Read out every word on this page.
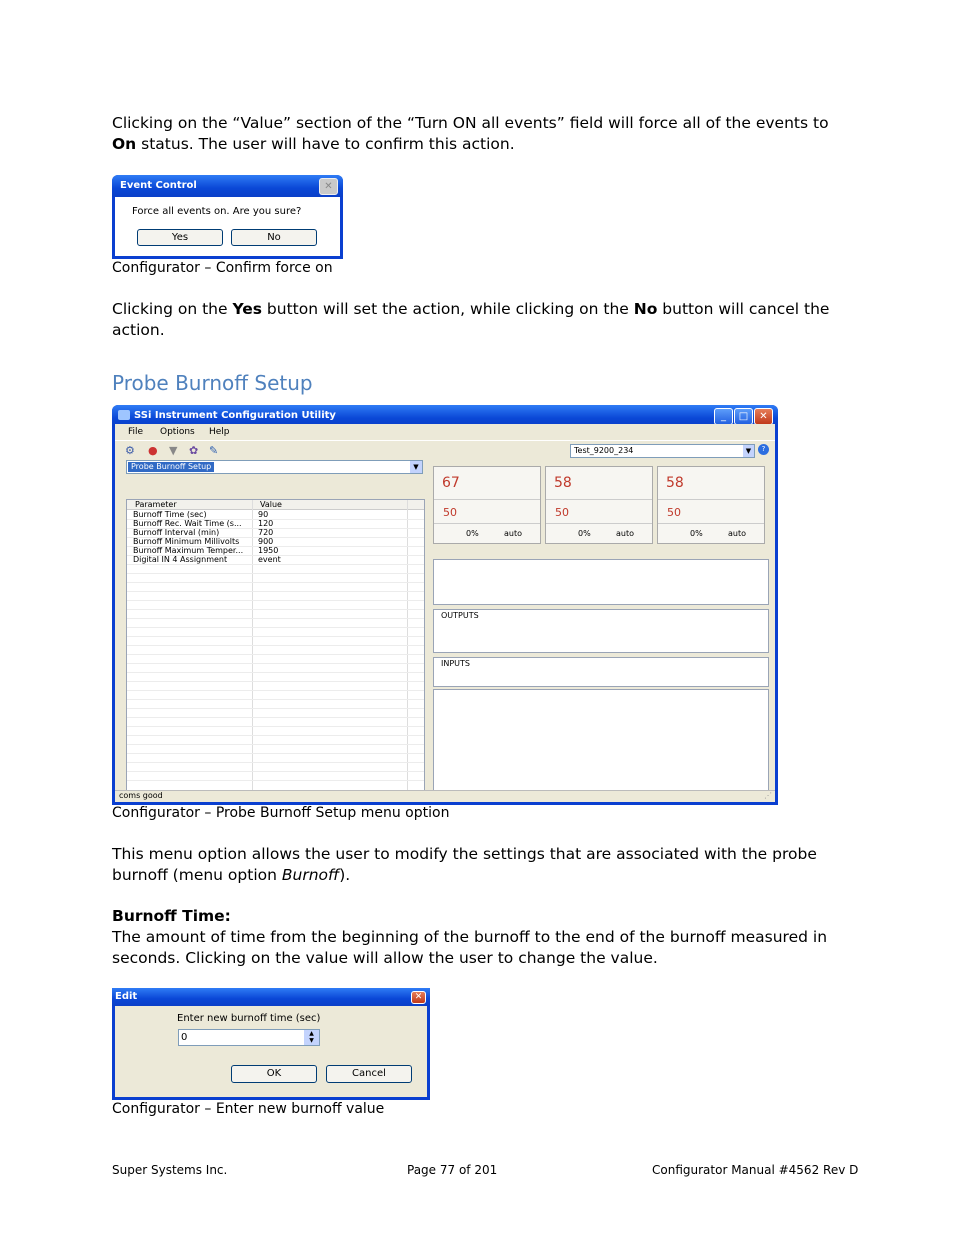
Clicking on the “Value” section of the “Turn ON all events” field will force all of the events to On status. The user will have to confirm this action.
Event Control	✕
Force all events on. Are you sure?
Yes	No
Configurator – Confirm force on
Clicking on the Yes button will set the action, while clicking on the No button will cancel the action.
Probe Burnoff Setup
SSi Instrument Configuration Utility	_	□	✕
File Options Help
⚙ ● ▼ ✿ ✎	Test_9200_234	▼	?
Probe Burnoff Setup	▼
Parameter	Value
Burnoff Time (sec)	90
Burnoff Rec. Wait Time (s... 120
Burnoff Interval (min)	720
Burnoff Minimum Millivolts 900
Burnoff Maximum Temper... 1950
Digital IN 4 Assignment	event
67
50
0%	auto
58
50
0%	auto
58
50
0%	auto
OUTPUTS
INPUTS
coms good	⋰
Configurator – Probe Burnoff Setup menu option
This menu option allows the user to modify the settings that are associated with the probe burnoff (menu option Burnoff).
Burnoff Time:
The amount of time from the beginning of the burnoff to the end of the burnoff measured in seconds. Clicking on the value will allow the user to change the value.
Edit	✕
Enter new burnoff time (sec)
0	▲
▼
OK	Cancel
Configurator – Enter new burnoff value
Super Systems Inc.	Page 77 of 201	Configurator Manual #4562 Rev D
